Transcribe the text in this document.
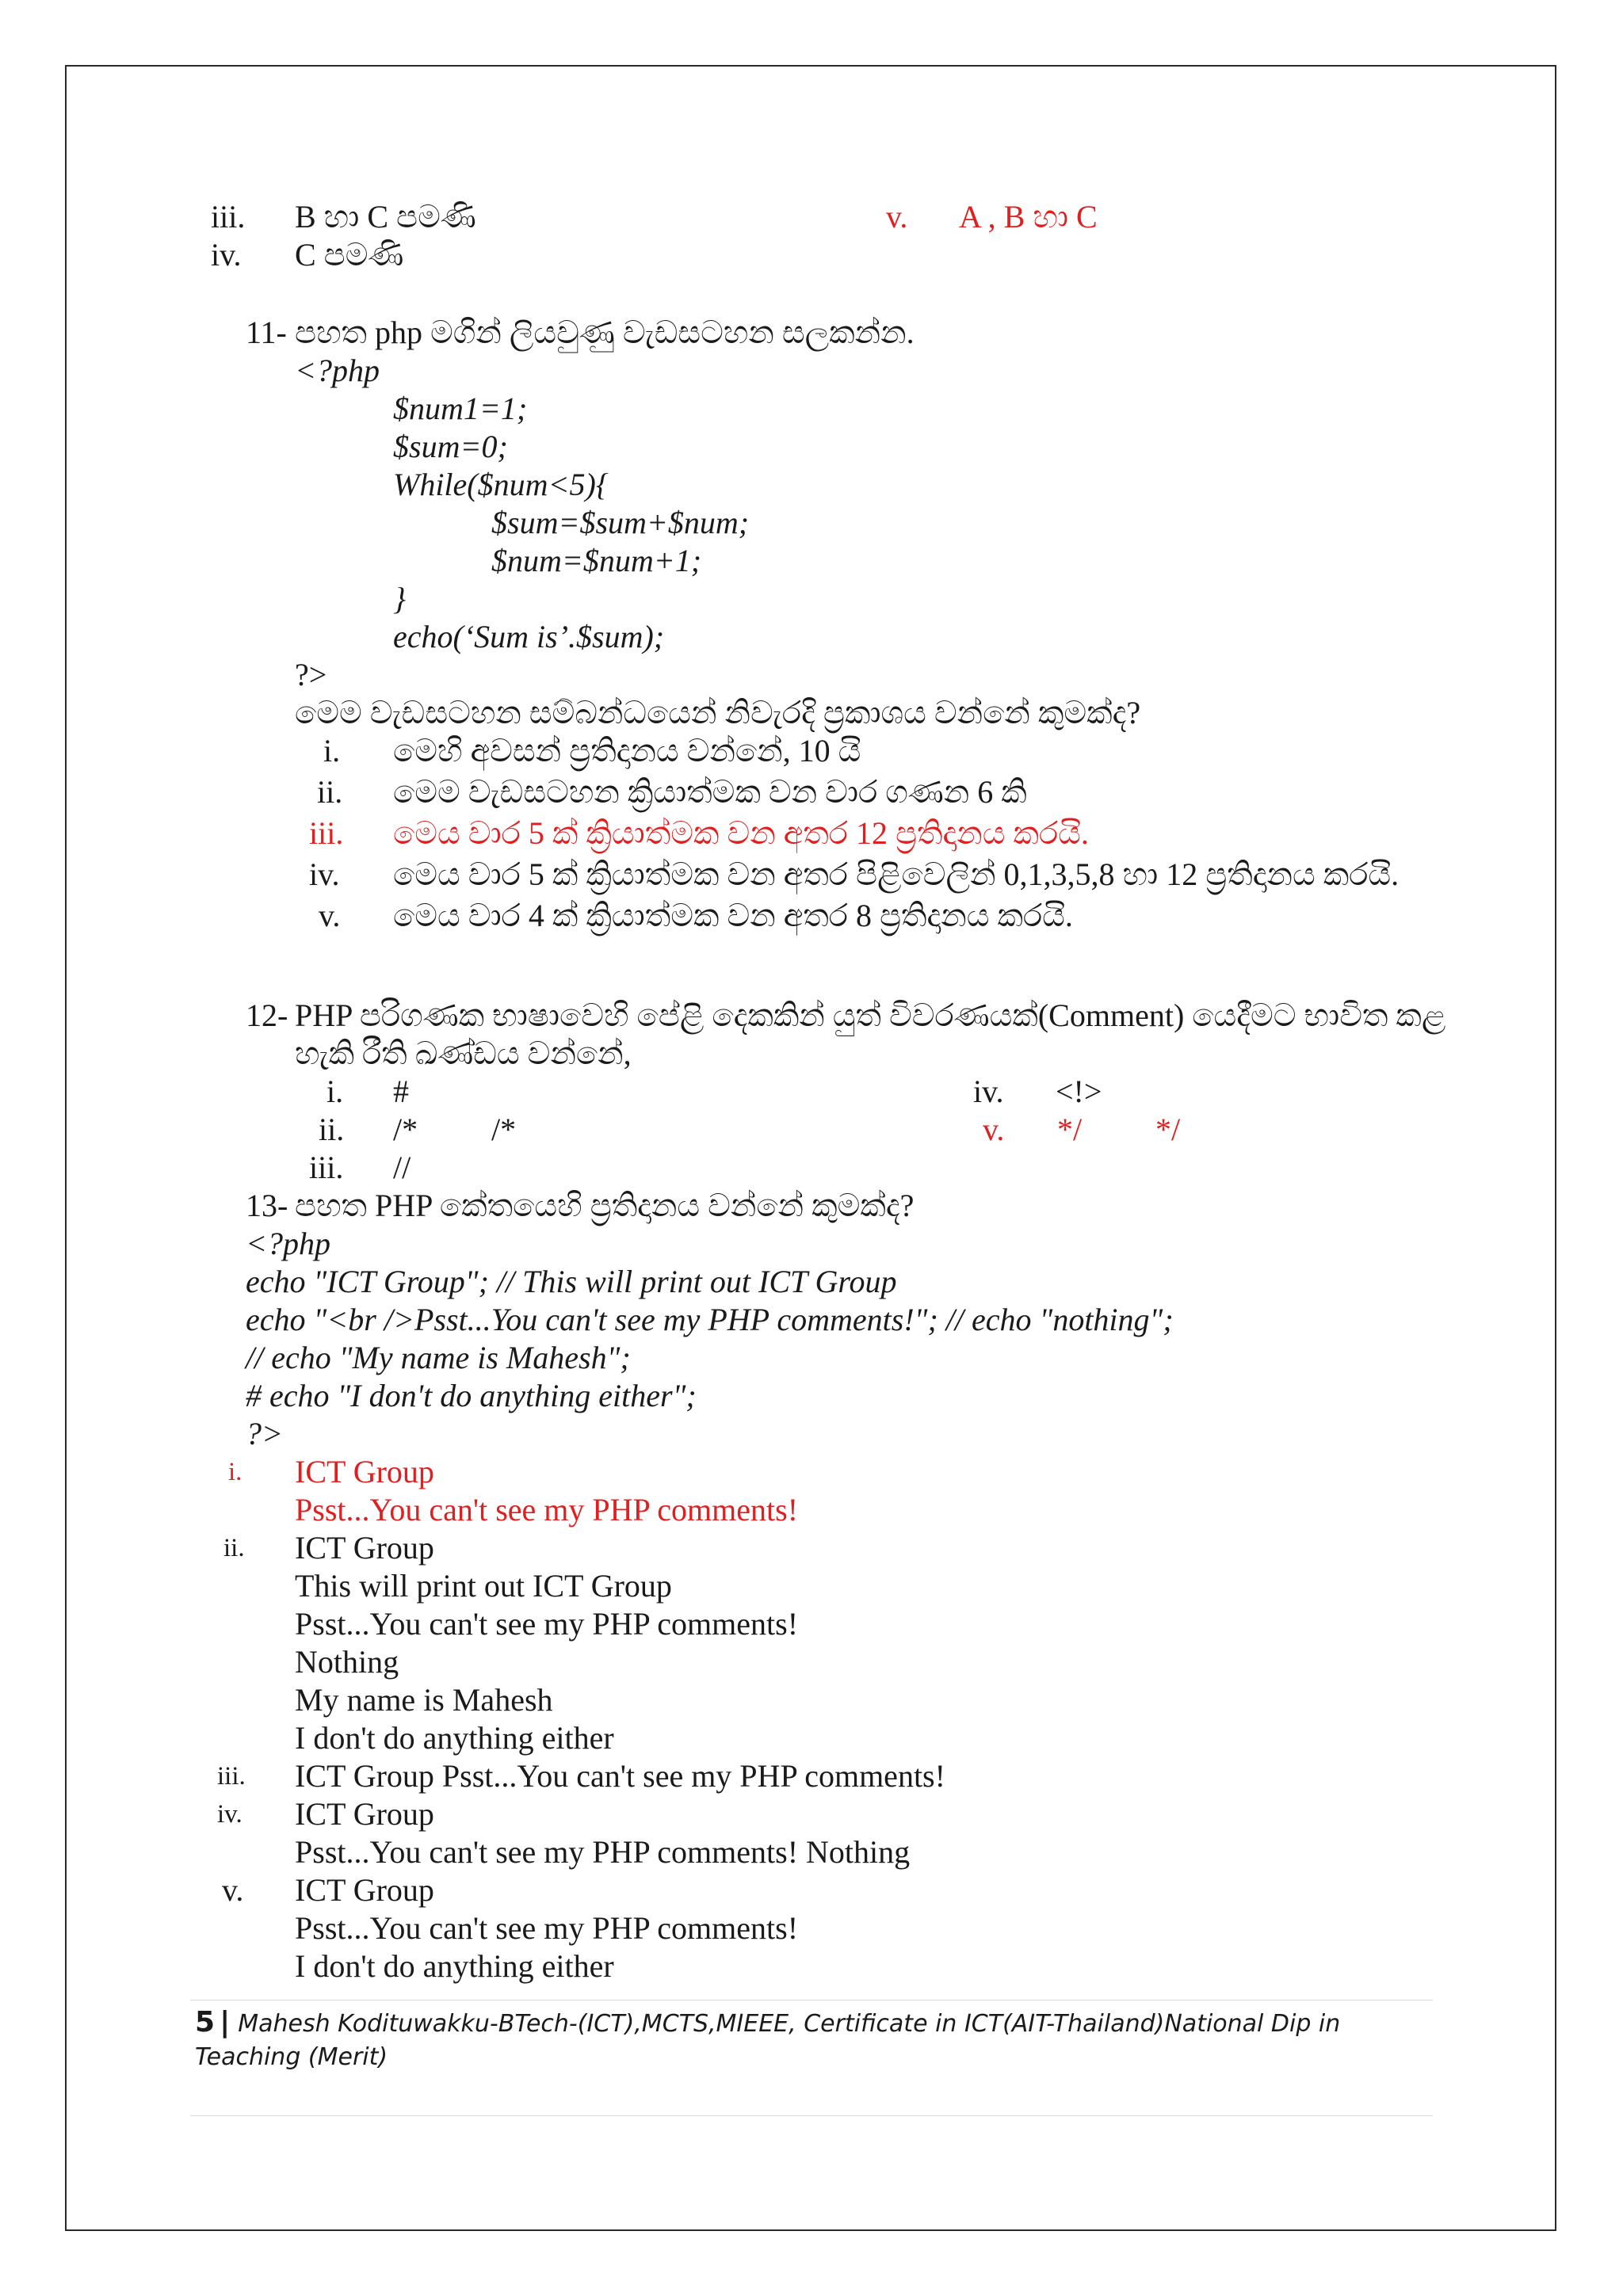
iii. B හා C පමණි	v. A , B හා C
iv. C පමණි
11- පහත php මගින් ලියවුණු වැඩසටහන සලකන්න.
<?php
$num1=1;
$sum=0;
While($num<5){
$sum=$sum+$num;
$num=$num+1;
}
echo(‘Sum is’.$sum);
?>
මෙම වැඩසටහන සම්බන්ධයෙන් නිවැරදි ප්‍රකාශය වන්නේ කුමක්ද?
i. මෙහි අවසන් ප්‍රතිදානය වන්නේ, 10 යි
ii. මෙම වැඩසටහන ක්‍රියාත්මක වන වාර ගණන 6 කි
iii. මෙය වාර 5 ක් ක්‍රියාත්මක වන අතර 12 ප්‍රතිදානය කරයි.
iv. මෙය වාර 5 ක් ක්‍රියාත්මක වන අතර පිළිවෙලින් 0,1,3,5,8 හා 12 ප්‍රතිදානය කරයි.
v. මෙය වාර 4 ක් ක්‍රියාත්මක වන අතර 8 ප්‍රතිදානය කරයි.
12- PHP පරිගණක භාෂාවෙහි පේළි දෙකකින් යුත් විවරණයක්(Comment) යෙදීමට භාවිත කළ
හැකි රීති ඛණ්ඩය වන්නේ,
i. #
ii. /* /*
iii. //
iv. <!>
v. */ */
13- පහත PHP කේතයෙහි ප්‍රතිදානය වන්නේ කුමක්ද?
<?php
echo "ICT Group"; // This will print out ICT Group
echo "<br />Psst...You can't see my PHP comments!"; // echo "nothing";
// echo "My name is Mahesh";
# echo "I don't do anything either";
?>
i. ICT Group
Psst...You can't see my PHP comments!
ii. ICT Group
This will print out ICT Group
Psst...You can't see my PHP comments!
Nothing
My name is Mahesh
I don't do anything either
iii. ICT Group Psst...You can't see my PHP comments!
iv. ICT Group
Psst...You can't see my PHP comments! Nothing
v. ICT Group
Psst...You can't see my PHP comments!
I don't do anything either
5 | Mahesh Kodituwakku-BTech-(ICT),MCTS,MIEEE, Certificate in ICT(AIT-Thailand)National Dip in Teaching (Merit)
